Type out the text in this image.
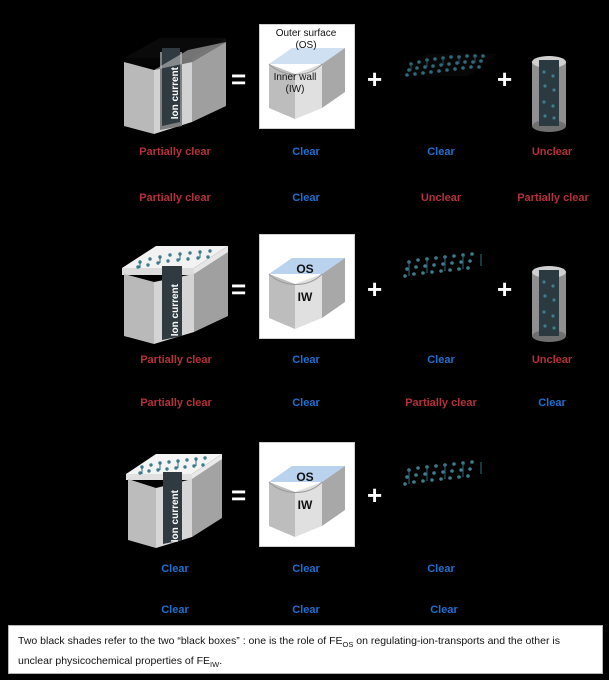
Ion current =
Outer surface
(OS)
Inner wall
(IW)	+	+
Partially clear	Clear	Clear	Unclear
Partially clear	Clear	Unclear	Partially clear
Ion current =
OS
IW	+	+
Partially clear	Clear	Clear	Unclear
Partially clear	Clear	Partially clear	Clear
Ion current =
OS
IW	+
Clear	Clear	Clear
Clear	Clear	Clear

Two black shades refer to the two “black boxes” : one is the role of $FE_{OS}$ on regulating-ion-transports and the other is unclear physicochemical properties of $FE_{IW}$.
